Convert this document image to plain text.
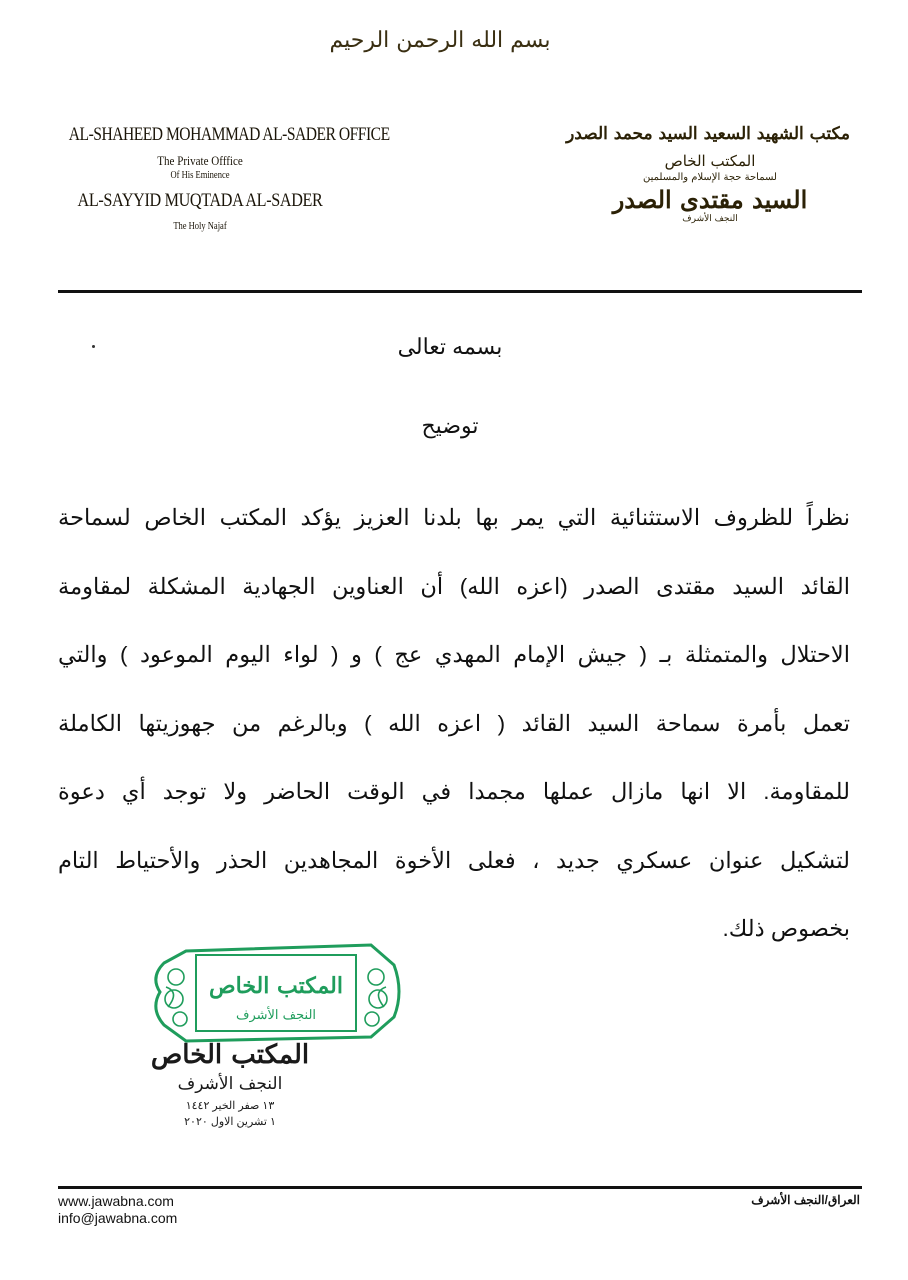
بسم الله الرحمن الرحيم
AL-SHAHEED MOHAMMAD AL-SADER OFFICE
The Private Offfice
Of His Eminence
AL-SAYYID MUQTADA AL-SADER
The Holy Najaf
مكتب الشهيد السعيد السيد محمد الصدر
المكتب الخاص
لسماحة حجة الإسلام والمسلمين
السيد مقتدى الصدر
النجف الأشرف
بسمه تعالى
توضيح
نظراً للظروف الاستثنائية التي يمر بها بلدنا العزيز يؤكد المكتب الخاص لسماحة
القائد السيد مقتدى الصدر (اعزه الله) أن العناوين الجهادية المشكلة لمقاومة
الاحتلال والمتمثلة بـ ( جيش الإمام المهدي عج ) و ( لواء اليوم الموعود ) والتي
تعمل بأمرة سماحة السيد القائد ( اعزه الله ) وبالرغم من جهوزيتها الكاملة
للمقاومة. الا انها مازال عملها مجمدا في الوقت الحاضر ولا توجد أي دعوة
لتشكيل عنوان عسكري جديد ، فعلى الأخوة المجاهدين الحذر والأحتياط التام
بخصوص ذلك.
المكتب الخاص
النجف الأشرف
المكتب الخاص
النجف الأشرف
١٣ صفر الخير ١٤٤٢
١ تشرين الاول ٢٠٢٠
www.jawabna.com
info@jawabna.com
العراق/النجف الأشرف
